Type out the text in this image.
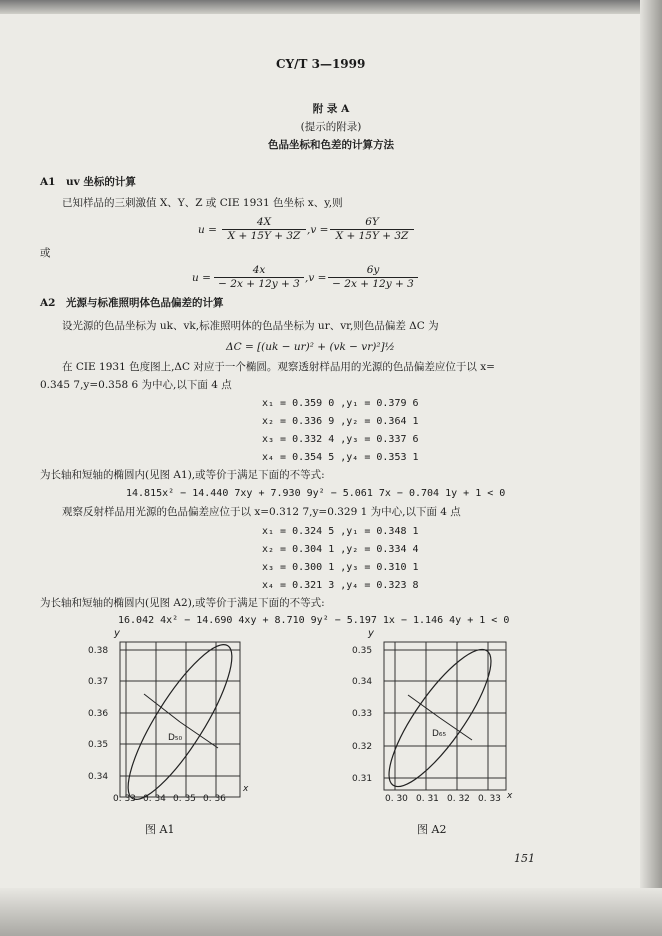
CY/T 3—1999
附 录 A
(提示的附录)
色品坐标和色差的计算方法
A1 uv 坐标的计算
已知样品的三刺激值 X、Y、Z 或 CIE 1931 色坐标 x、y,则
$u = \frac{4X}{X + 15Y + 3Z} ,v = \frac{6Y}{X + 15Y + 3Z}$
或
$u = \frac{4x}{- 2x + 12y + 3} ,v = \frac{6y}{- 2x + 12y + 3}$
A2 光源与标准照明体色品偏差的计算
设光源的色品坐标为 uk、vk,标准照明体的色品坐标为 ur、vr,则色品偏差 ΔC 为
ΔC = [(uk − ur)² + (vk − vr)²]½
在 CIE 1931 色度图上,ΔC 对应于一个椭圆。观察透射样品用的光源的色品偏差应位于以 x=
0.345 7,y=0.358 6 为中心,以下面 4 点
x₁ = 0.359 0 ,y₁ = 0.379 6
x₂ = 0.336 9 ,y₂ = 0.364 1
x₃ = 0.332 4 ,y₃ = 0.337 6
x₄ = 0.354 5 ,y₄ = 0.353 1
为长轴和短轴的椭圆内(见图 A1),或等价于满足下面的不等式:
14.815x² − 14.440 7xy + 7.930 9y² − 5.061 7x − 0.704 1y + 1 < 0
观察反射样品用光源的色品偏差应位于以 x=0.312 7,y=0.329 1 为中心,以下面 4 点
x₁ = 0.324 5 ,y₁ = 0.348 1
x₂ = 0.304 1 ,y₂ = 0.334 4
x₃ = 0.300 1 ,y₃ = 0.310 1
x₄ = 0.321 3 ,y₄ = 0.323 8
为长轴和短轴的椭圆内(见图 A2),或等价于满足下面的不等式:
16.042 4x² − 14.690 4xy + 8.710 9y² − 5.197 1x − 1.146 4y + 1 < 0
y
D₅₀
0.38
0.37
0.36
0.35
0.34
x
0. 33 0. 34 0. 35 0. 36
图 A1
y
D₆₅
0.35
0.34
0.33
0.32
0.31
x
0. 30 0. 31 0. 32 0. 33
图 A2
151
